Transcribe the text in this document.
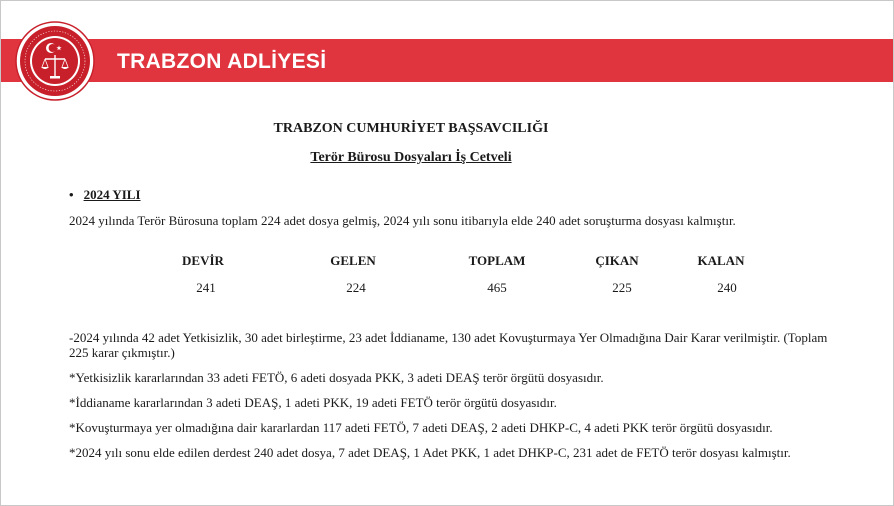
TRABZON ADLİYESİ
TRABZON CUMHURİYET BAŞSAVCILIĞI
Terör Bürosu Dosyaları İş Cetveli
• 2024 YILI
2024 yılında Terör Bürosuna toplam 224 adet dosya gelmiş, 2024 yılı sonu itibarıyla elde 240 adet soruşturma dosyası kalmıştır.
DEVİR	GELEN	TOPLAM	ÇIKAN	KALAN
241	224	465	225	240

-2024 yılında 42 adet Yetkisizlik, 30 adet birleştirme, 23 adet İddianame, 130 adet Kovuşturmaya Yer Olmadığına Dair Karar verilmiştir. (Toplam 225 karar çıkmıştır.)

*Yetkisizlik kararlarından 33 adeti FETÖ, 6 adeti dosyada PKK, 3 adeti DEAŞ terör örgütü dosyasıdır.

*İddianame kararlarından 3 adeti DEAŞ, 1 adeti PKK, 19 adeti FETÖ terör örgütü dosyasıdır.

*Kovuşturmaya yer olmadığına dair kararlardan 117 adeti FETÖ, 7 adeti DEAŞ, 2 adeti DHKP-C, 4 adeti PKK terör örgütü dosyasıdır.

*2024 yılı sonu elde edilen derdest 240 adet dosya, 7 adet DEAŞ, 1 Adet PKK, 1 adet DHKP-C, 231 adet de FETÖ terör dosyası kalmıştır.
